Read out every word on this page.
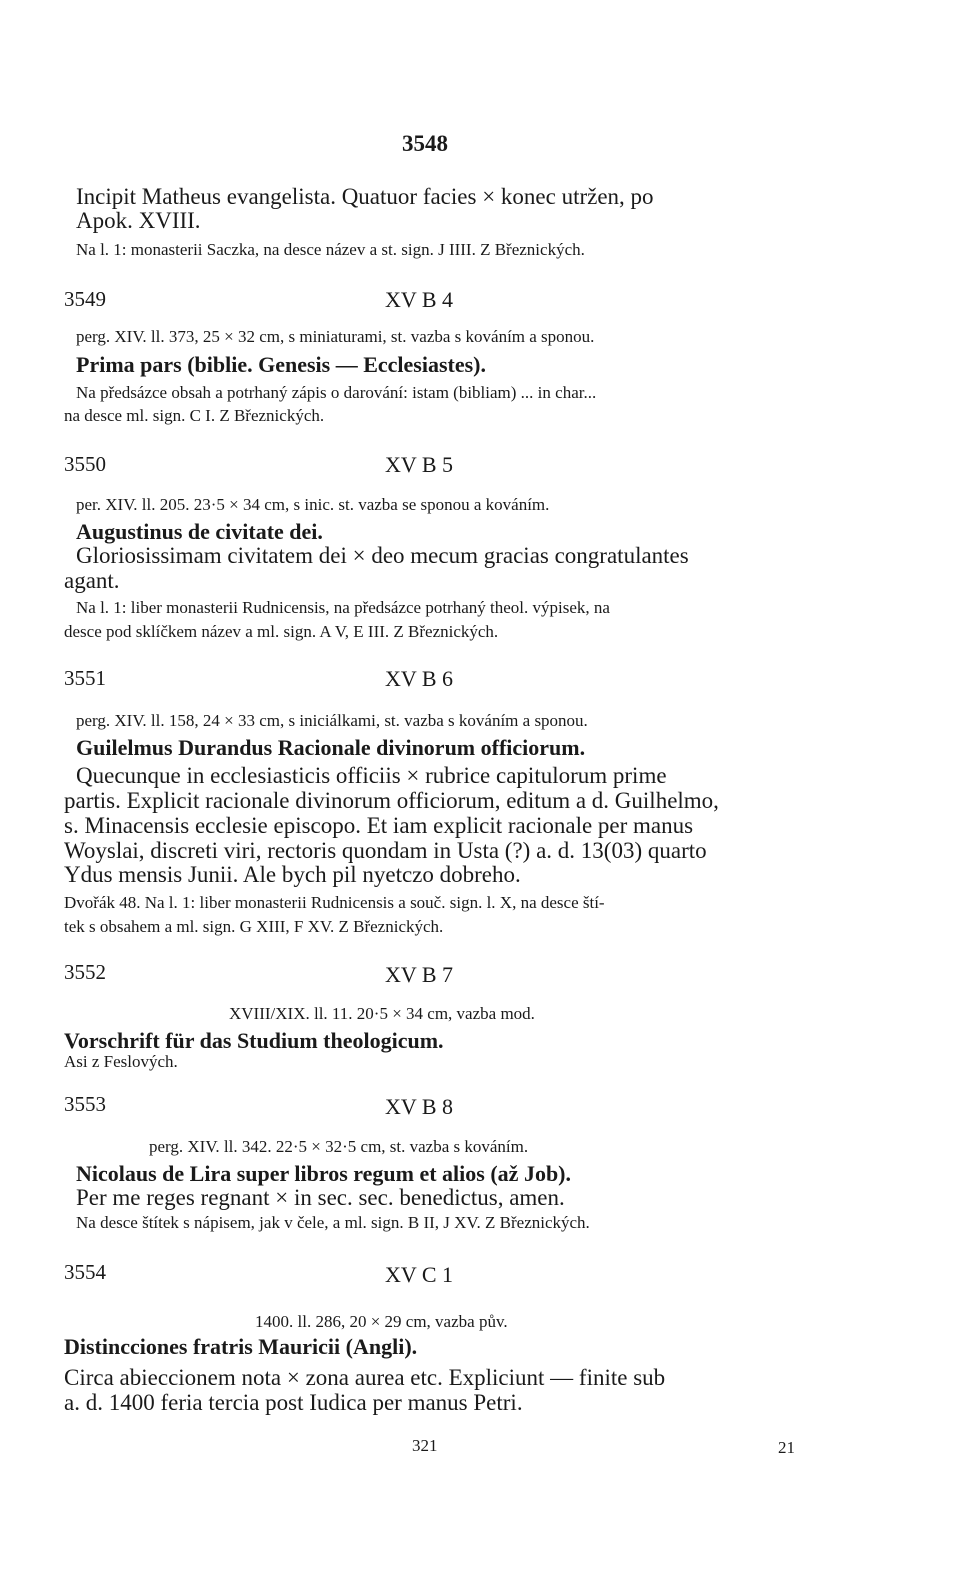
3548
Incipit Matheus evangelista. Quatuor facies × konec utržen, po
Apok. XVIII.
Na l. 1: monasterii Saczka, na desce název a st. sign. J IIII. Z Březnických.
3549	XV B 4
perg. XIV. ll. 373, 25 × 32 cm, s miniaturami, st. vazba s kováním a sponou.
Prima pars (biblie. Genesis — Ecclesiastes).
Na předsázce obsah a potrhaný zápis o darování: istam (bibliam) ... in char...
na desce ml. sign. C I. Z Březnických.
3550	XV B 5
per. XIV. ll. 205. 23·5 × 34 cm, s inic. st. vazba se sponou a kováním.
Augustinus de civitate dei.
Gloriosissimam civitatem dei × deo mecum gracias congratulantes
agant.
Na l. 1: liber monasterii Rudnicensis, na předsázce potrhaný theol. výpisek, na
desce pod sklíčkem název a ml. sign. A V, E III. Z Březnických.
3551	XV B 6
perg. XIV. ll. 158, 24 × 33 cm, s iniciálkami, st. vazba s kováním a sponou.
Guilelmus Durandus Racionale divinorum officiorum.
Quecunque in ecclesiasticis officiis × rubrice capitulorum prime
partis. Explicit racionale divinorum officiorum, editum a d. Guilhelmo,
s. Minacensis ecclesie episcopo. Et iam explicit racionale per manus
Woyslai, discreti viri, rectoris quondam in Usta (?) a. d. 13(03) quarto
Ydus mensis Junii. Ale bych pil nyetczo dobreho.
Dvořák 48. Na l. 1: liber monasterii Rudnicensis a souč. sign. l. X, na desce ští-
tek s obsahem a ml. sign. G XIII, F XV. Z Březnických.
3552	XV B 7
XVIII/XIX. ll. 11. 20·5 × 34 cm, vazba mod.
Vorschrift für das Studium theologicum.
Asi z Feslových.
3553	XV B 8
perg. XIV. ll. 342. 22·5 × 32·5 cm, st. vazba s kováním.
Nicolaus de Lira super libros regum et alios (až Job).
Per me reges regnant × in sec. sec. benedictus, amen.
Na desce štítek s nápisem, jak v čele, a ml. sign. B II, J XV. Z Březnických.
3554	XV C 1
1400. ll. 286, 20 × 29 cm, vazba pův.
Distincciones fratris Mauricii (Angli).
Circa abieccionem nota × zona aurea etc. Expliciunt — finite sub
a. d. 1400 feria tercia post Iudica per manus Petri.
321	21
